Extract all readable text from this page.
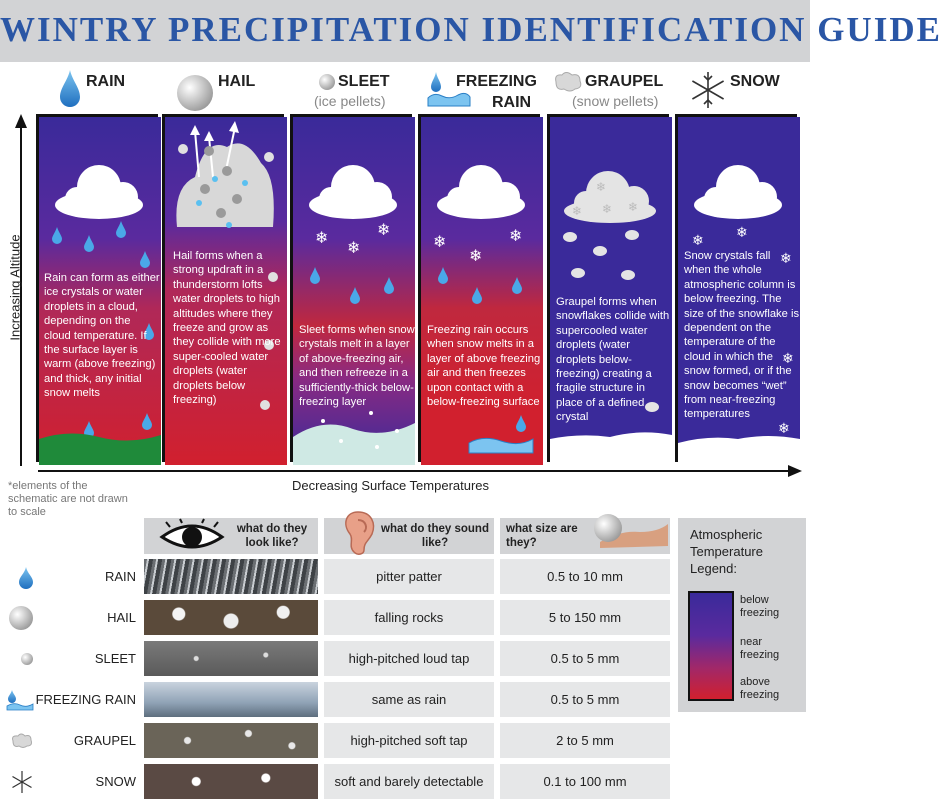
WINTRY PRECIPITATION IDENTIFICATION GUIDE
RAIN	HAIL	SLEET
(ice pellets)
FREEZING
RAIN
GRAUPEL
(snow pellets)
SNOW
Increasing Altitude Rain can form as either ice crystals or water droplets in a cloud, depending on the cloud temperature. If the surface layer is warm (above freezing) and thick, any initial snow melts
Hail forms when a strong updraft in a thunderstorm lofts water droplets to high altitudes where they freeze and grow as they collide with more super-cooled water droplets (water droplets below freezing)
❄
❄
❄
Sleet forms when snow crystals melt in a layer of above-freezing air, and then refreeze in a sufficiently-thick below-freezing layer
❄
❄
❄
Freezing rain occurs when snow melts in a layer of above freezing air and then freezes upon contact with a below-freezing surface
❄
❄ ❄ ❄
Graupel forms when snowflakes collide with supercooled water droplets (water droplets below-freezing) creating a fragile structure in place of a defined crystal
❄ ❄
❄
❄
❄
Snow crystals fall when the whole atmospheric column is below freezing. The size of the snowflake is dependent on the temperature of the cloud in which the snow formed, or if the snow becomes “wet” from near-freezing temperatures
Decreasing Surface Temperatures
*elements of the schematic are not drawn to scale
what do they look like?
what do they sound like?
what size are they?
RAIN	pitter patter	0.5 to 10 mm
HAIL	falling rocks	5 to 150 mm
SLEET	high-pitched loud tap	0.5 to 5 mm
FREEZING RAIN	same as rain	0.5 to 5 mm
GRAUPEL	high-pitched soft tap	2 to 5 mm
SNOW	soft and barely detectable	0.1 to 100 mm
Atmospheric Temperature Legend:
below freezing
near freezing
above freezing
